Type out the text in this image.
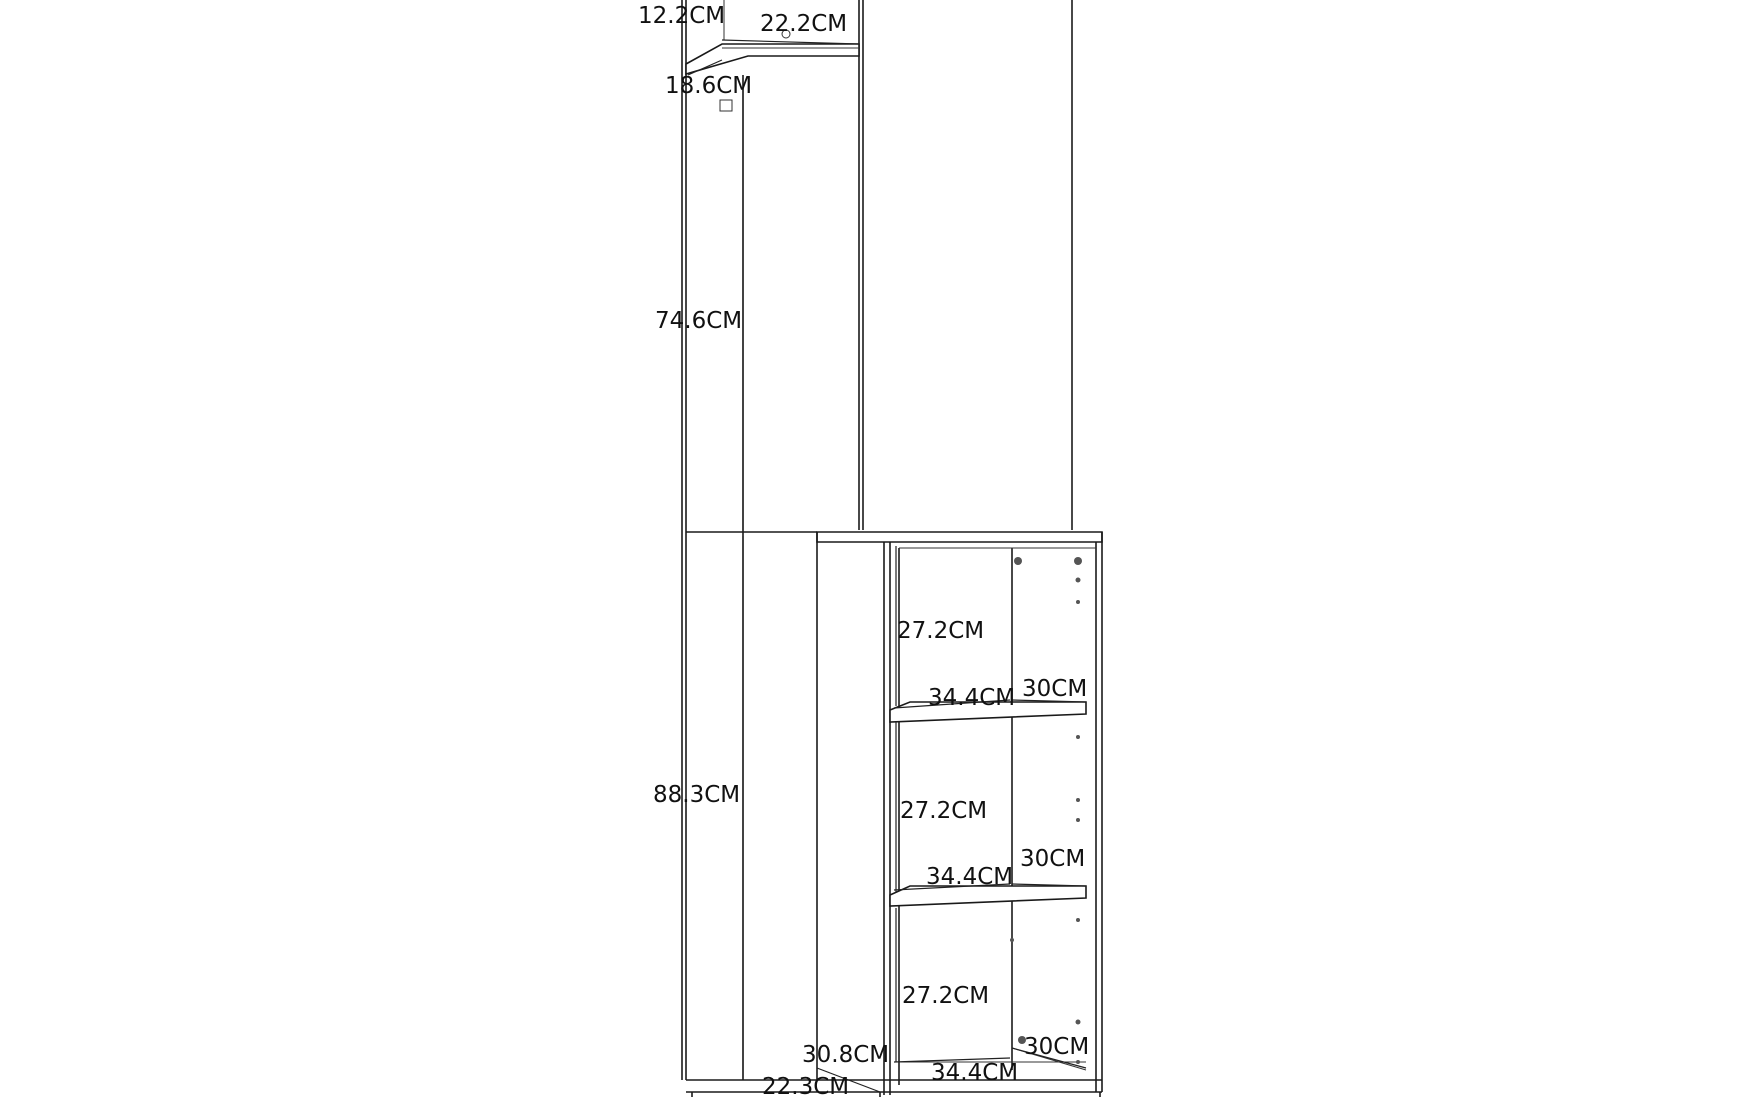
12.2CM 22.2CM
18.6CM
74.6CM
88.3CM
27.2CM
34.4CM 30CM
27.2CM
34.4CM
30CM
27.2CM
34.4CM
30CM
30.8CM
22.3CM
